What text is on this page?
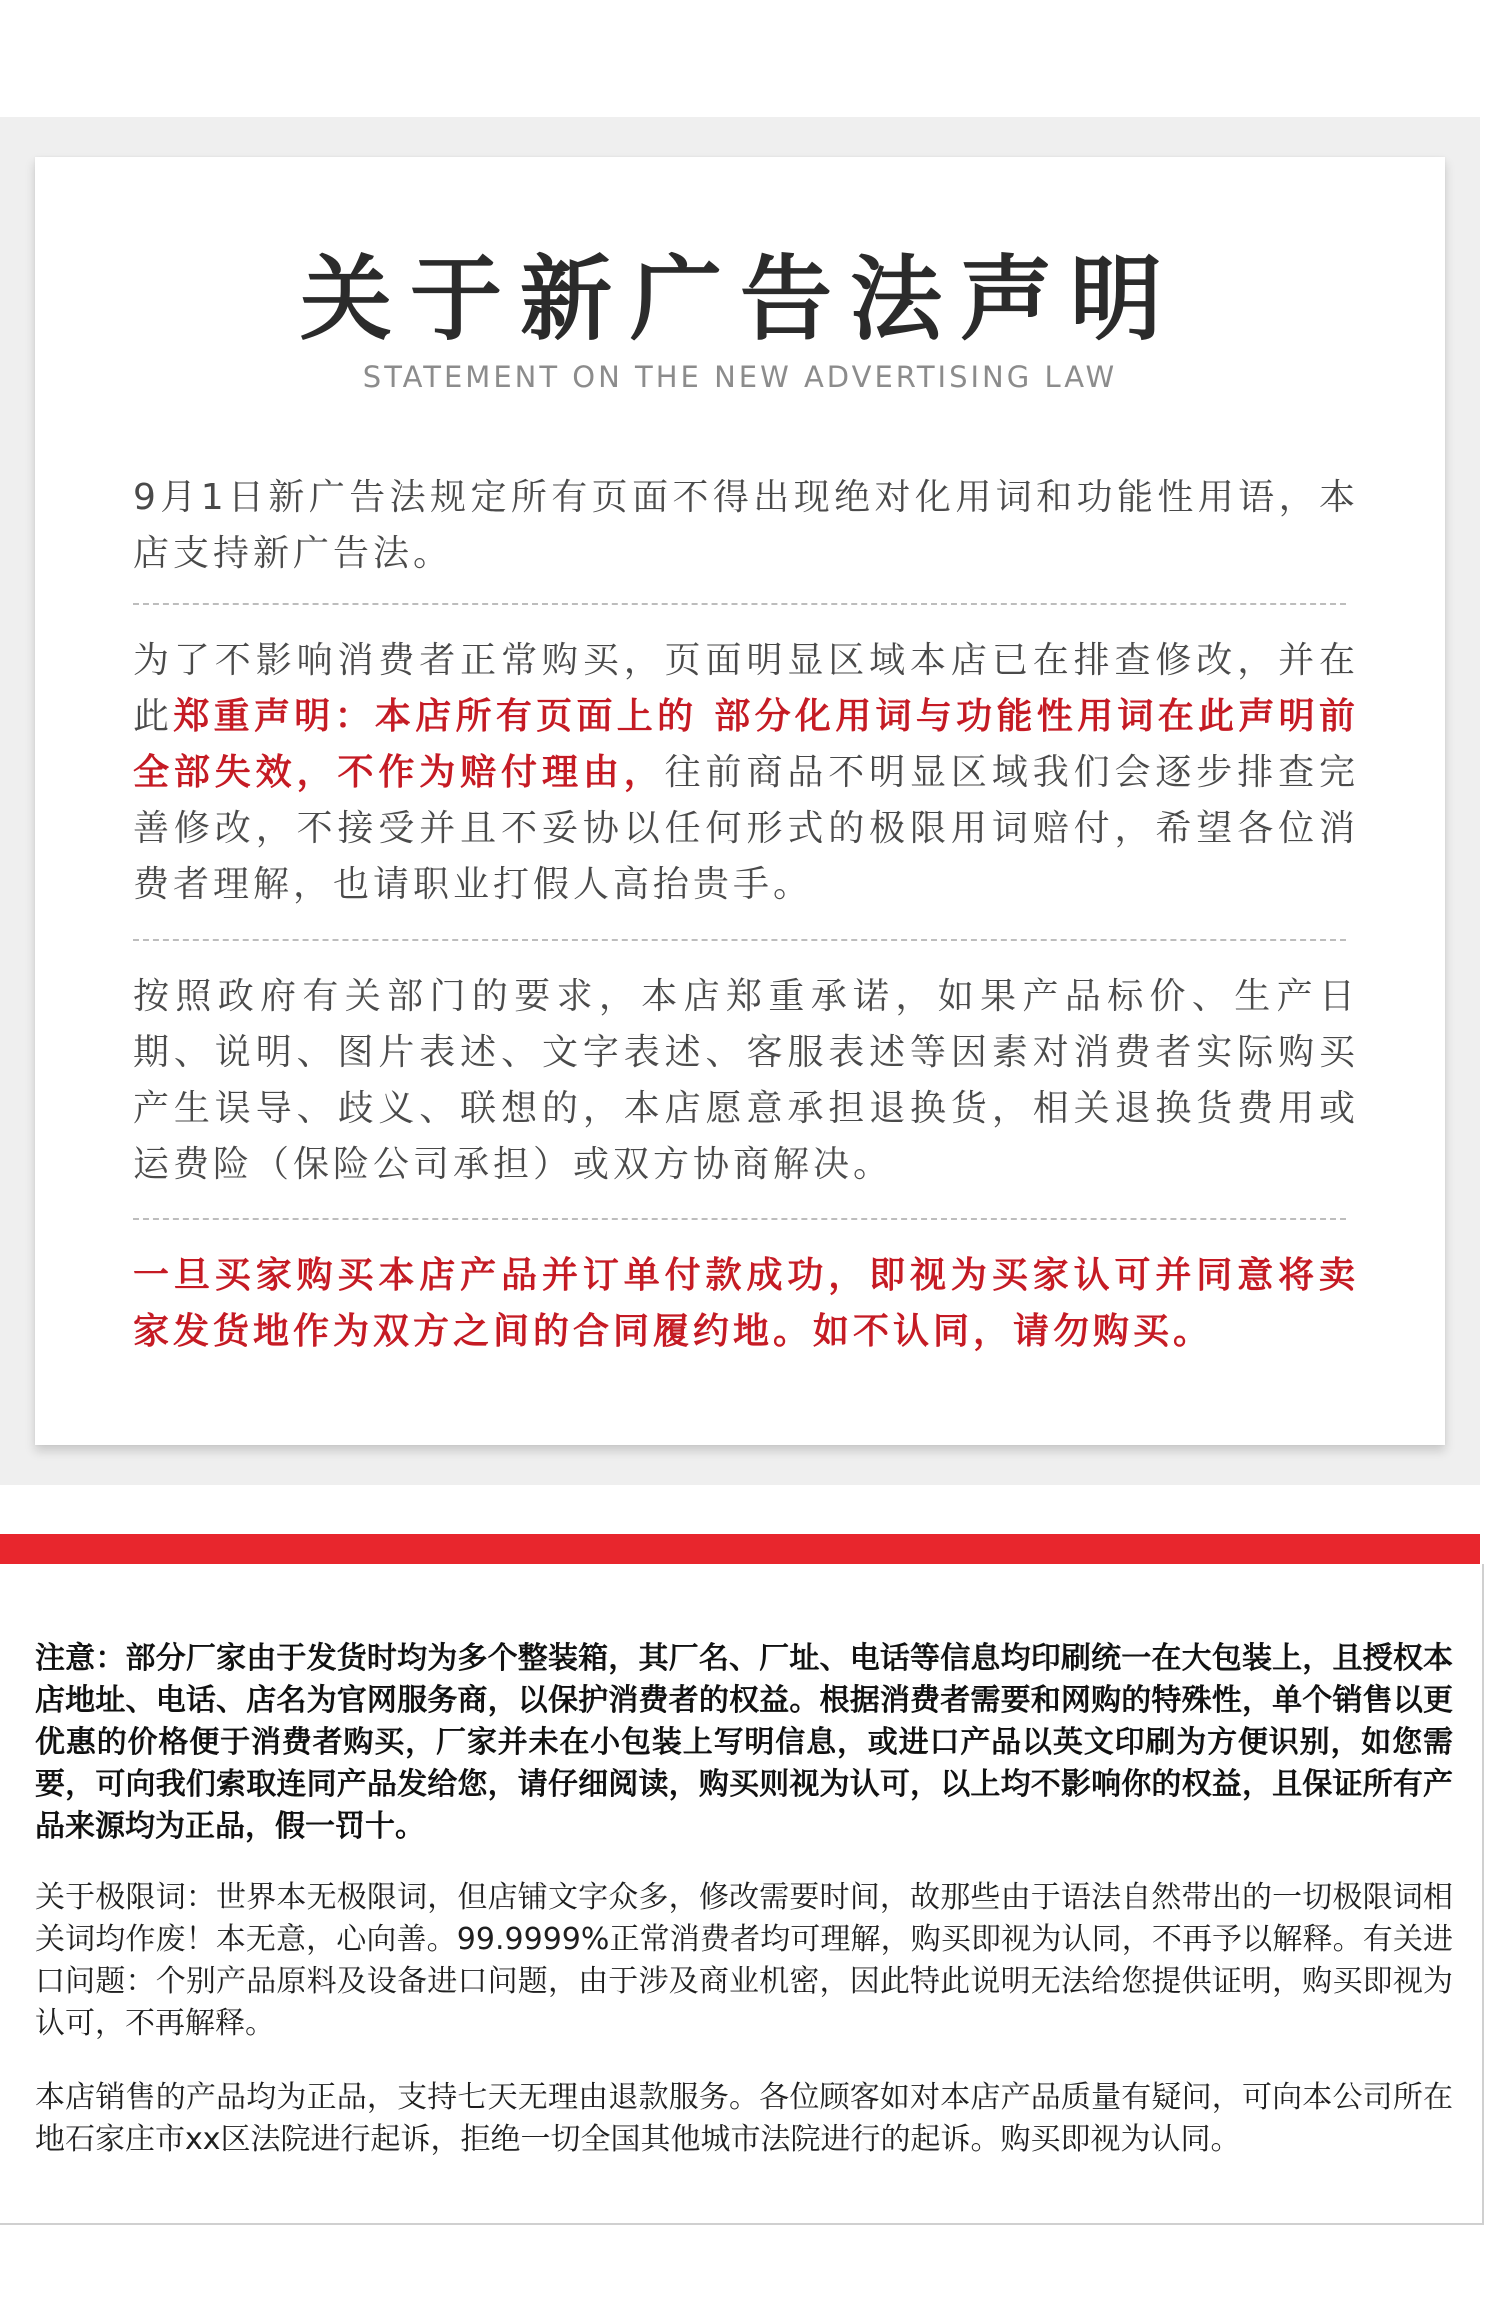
关于新广告法声明
STATEMENT ON THE NEW ADVERTISING LAW
9月1日新广告法规定所有页面不得出现绝对化用词和功能性用语，本店支持新广告法。
为了不影响消费者正常购买，页面明显区域本店已在排查修改，并在此郑重声明：本店所有页面上的 部分化用词与功能性用词在此声明前全部失效，不作为赔付理由，往前商品不明显区域我们会逐步排查完善修改，不接受并且不妥协以任何形式的极限用词赔付，希望各位消费者理解，也请职业打假人高抬贵手。
按照政府有关部门的要求，本店郑重承诺，如果产品标价、生产日期、说明、图片表述、文字表述、客服表述等因素对消费者实际购买产生误导、歧义、联想的，本店愿意承担退换货，相关退换货费用或运费险（保险公司承担）或双方协商解决。
一旦买家购买本店产品并订单付款成功，即视为买家认可并同意将卖家发货地作为双方之间的合同履约地。如不认同，请勿购买。
注意：部分厂家由于发货时均为多个整装箱，其厂名、厂址、电话等信息均印刷统一在大包装上，且授权本店地址、电话、店名为官网服务商，以保护消费者的权益。根据消费者需要和网购的特殊性，单个销售以更优惠的价格便于消费者购买，厂家并未在小包装上写明信息，或进口产品以英文印刷为方便识别，如您需要，可向我们索取连同产品发给您，请仔细阅读，购买则视为认可，以上均不影响你的权益，且保证所有产品来源均为正品，假一罚十。
关于极限词：世界本无极限词，但店铺文字众多，修改需要时间，故那些由于语法自然带出的一切极限词相关词均作废！本无意，心向善。99.9999%正常消费者均可理解，购买即视为认同，不再予以解释。有关进口问题：个别产品原料及设备进口问题，由于涉及商业机密，因此特此说明无法给您提供证明，购买即视为认可，不再解释。
本店销售的产品均为正品，支持七天无理由退款服务。各位顾客如对本店产品质量有疑问，可向本公司所在地石家庄市xx区法院进行起诉，拒绝一切全国其他城市法院进行的起诉。购买即视为认同。
